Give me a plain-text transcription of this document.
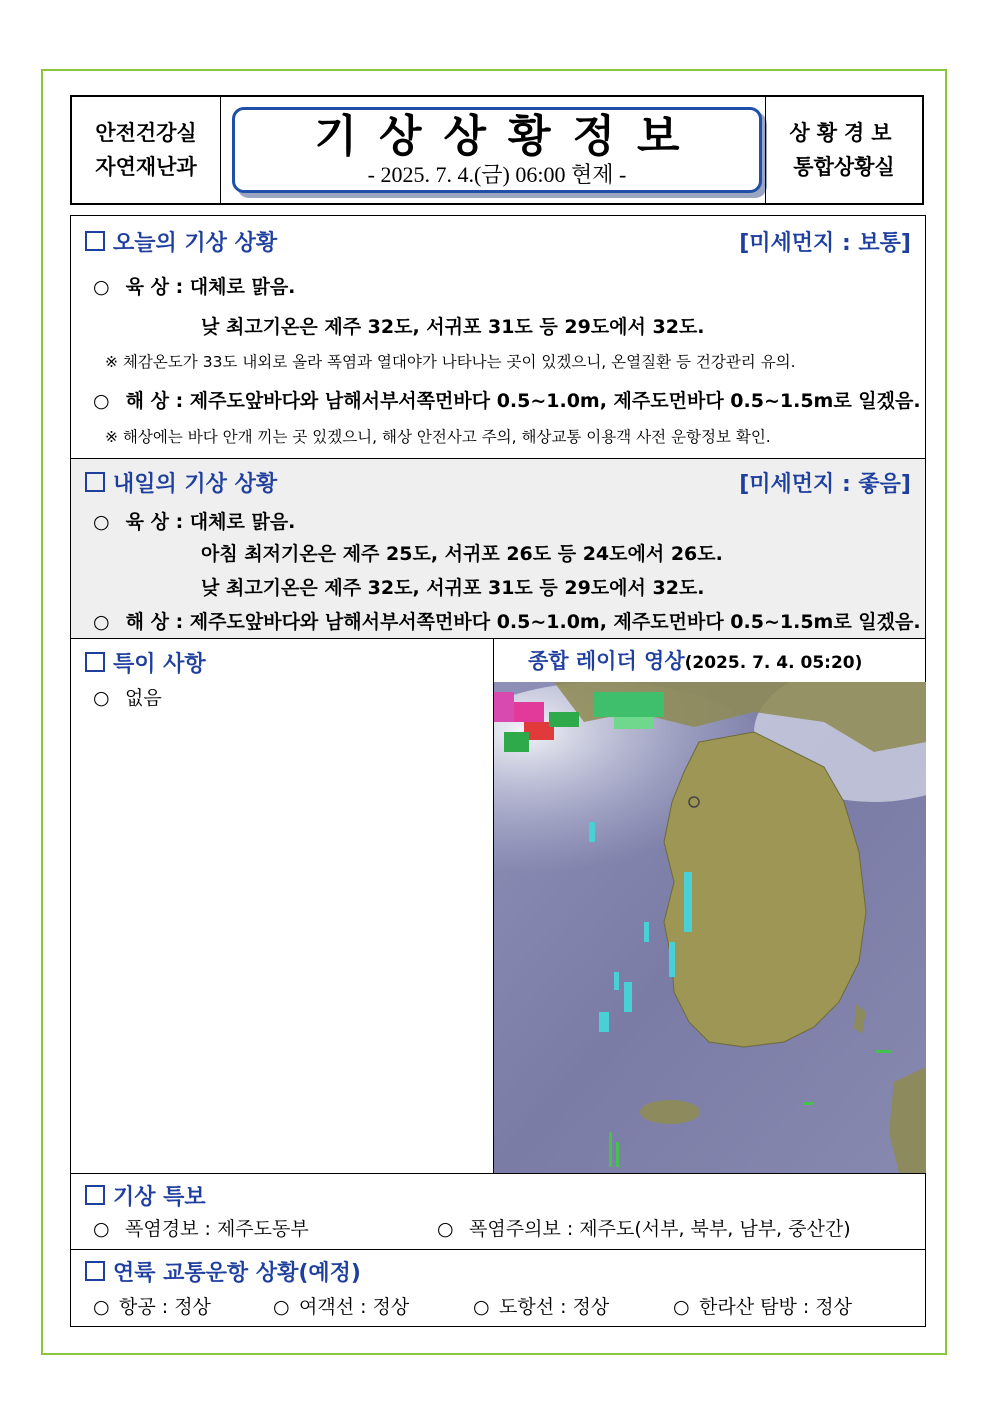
안전건강실
자연재난과
기상상황정보
- 2025. 7. 4.(금) 06:00 현제 -
상황경보
통합상황실
오늘의 기상 상황	[미세먼지 : 보통]
○ 육 상 : 대체로 맑음.
낮 최고기온은 제주 32도, 서귀포 31도 등 29도에서 32도.
※ 체감온도가 33도 내외로 올라 폭염과 열대야가 나타나는 곳이 있겠으니, 온열질환 등 건강관리 유의.
○ 해 상 : 제주도앞바다와 남해서부서쪽먼바다 0.5~1.0m, 제주도먼바다 0.5~1.5m로 일겠음.
※ 해상에는 바다 안개 끼는 곳 있겠으니, 해상 안전사고 주의, 해상교통 이용객 사전 운항정보 확인.
내일의 기상 상황	[미세먼지 : 좋음]
○ 육 상 : 대체로 맑음.
아침 최저기온은 제주 25도, 서귀포 26도 등 24도에서 26도.
낮 최고기온은 제주 32도, 서귀포 31도 등 29도에서 32도.
○ 해 상 : 제주도앞바다와 남해서부서쪽먼바다 0.5~1.0m, 제주도먼바다 0.5~1.5m로 일겠음.
특이 사항
○ 없음
종합 레이더 영상(2025. 7. 4. 05:20)
기상 특보
○ 폭염경보 : 제주도동부	○ 폭염주의보 : 제주도(서부, 북부, 남부, 중산간)
연륙 교통운항 상황(예정)
○ 항공 : 정상	○ 여객선 : 정상	○ 도항선 : 정상	○ 한라산 탐방 : 정상
